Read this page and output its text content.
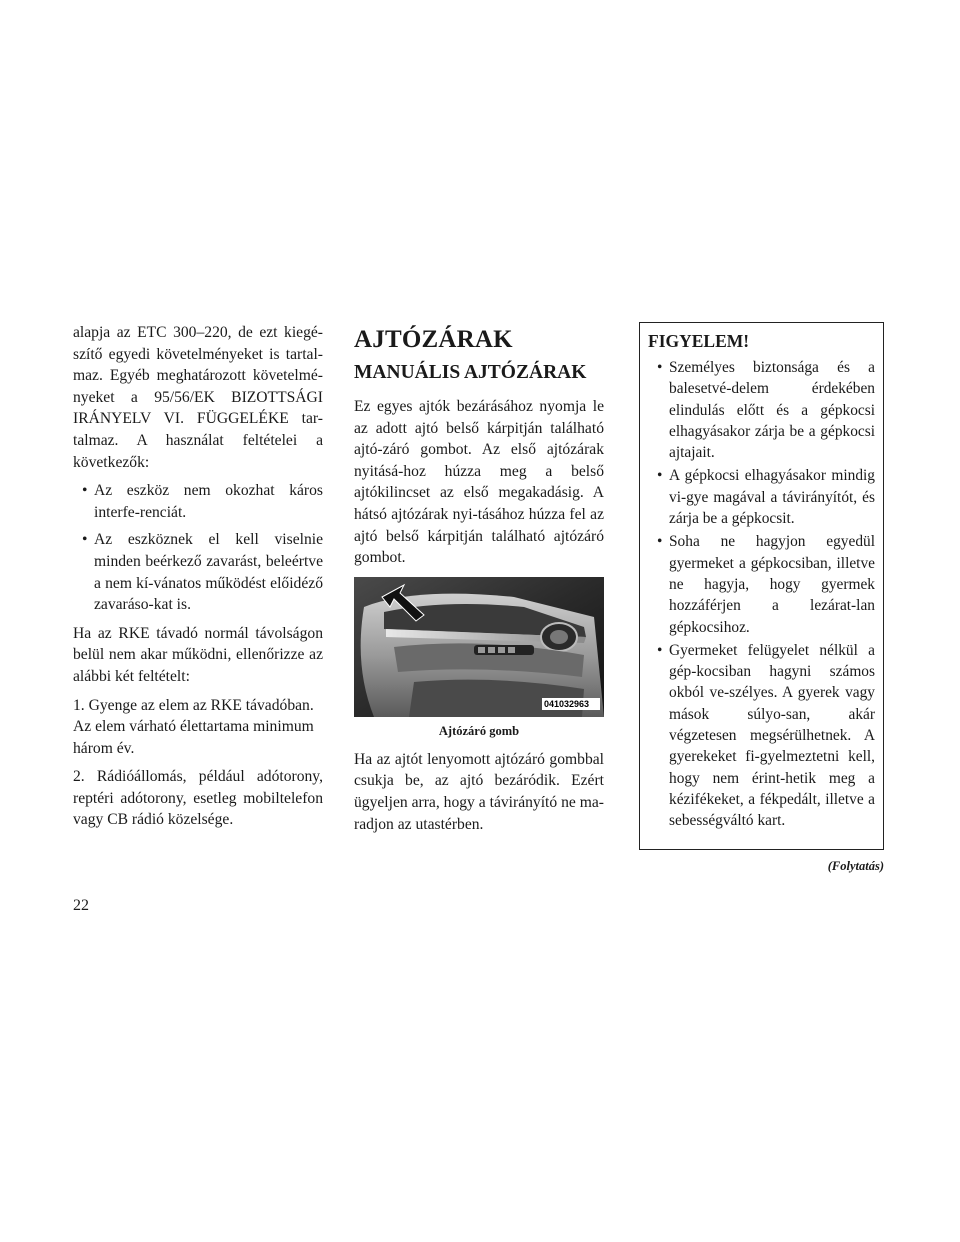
alapja az ETC 300–220, de ezt kiegé-szítő egyedi követelményeket is tartal-maz. Egyéb meghatározott követelmé-nyeket a 95/56/EK BIZOTTSÁGI IRÁNYELV VI. FÜGGELÉKE tar-talmaz. A használat feltételei a következők:

• Az eszköz nem okozhat káros interfe-renciát.
• Az eszköznek el kell viselnie minden beérkező zavarást, beleértve a nem kí-vánatos működést előidéző zavaráso-kat is.

Ha az RKE távadó normál távolságon belül nem akar működni, ellenőrizze az alábbi két feltételt:

1. Gyenge az elem az RKE távadóban. Az elem várható élettartama minimum három év.

2. Rádióállomás, például adótorony, reptéri adótorony, esetleg mobiltelefon vagy CB rádió közelsége.

AJTÓZÁRAK
MANUÁLIS AJTÓZÁRAK

Ez egyes ajtók bezárásához nyomja le az adott ajtó belső kárpitján található ajtó-záró gombot. Az első ajtózárak nyitásá-hoz húzza meg a belső ajtókilincset az első megakadásig. A hátsó ajtózárak nyi-tásához húzza fel az ajtó belső kárpitján található ajtózáró gombot.

041032963
Ajtózáró gomb

Ha az ajtót lenyomott ajtózáró gombbal csukja be, az ajtó bezáródik. Ezért ügyeljen arra, hogy a távirányító ne ma-radjon az utastérben.

FIGYELEM!
• Személyes biztonsága és a balesetvé-delem érdekében elindulás előtt és a gépkocsi elhagyásakor zárja be a gépkocsi ajtajait.
• A gépkocsi elhagyásakor mindig vi-gye magával a távirányítót, és zárja be a gépkocsit.
• Soha ne hagyjon egyedül gyermeket a gépkocsiban, illetve ne hagyja, hogy gyermek hozzáférjen a lezárat-lan gépkocsihoz.
• Gyermeket felügyelet nélkül a gép-kocsiban hagyni számos okból ve-szélyes. A gyerek vagy mások súlyo-san, akár végzetesen megsérülhetnek. A gyerekeket fi-gyelmeztetni kell, hogy nem érint-hetik meg a kézifékeket, a fékpedált, illetve a sebességváltó kart.
(Folytatás)
22
